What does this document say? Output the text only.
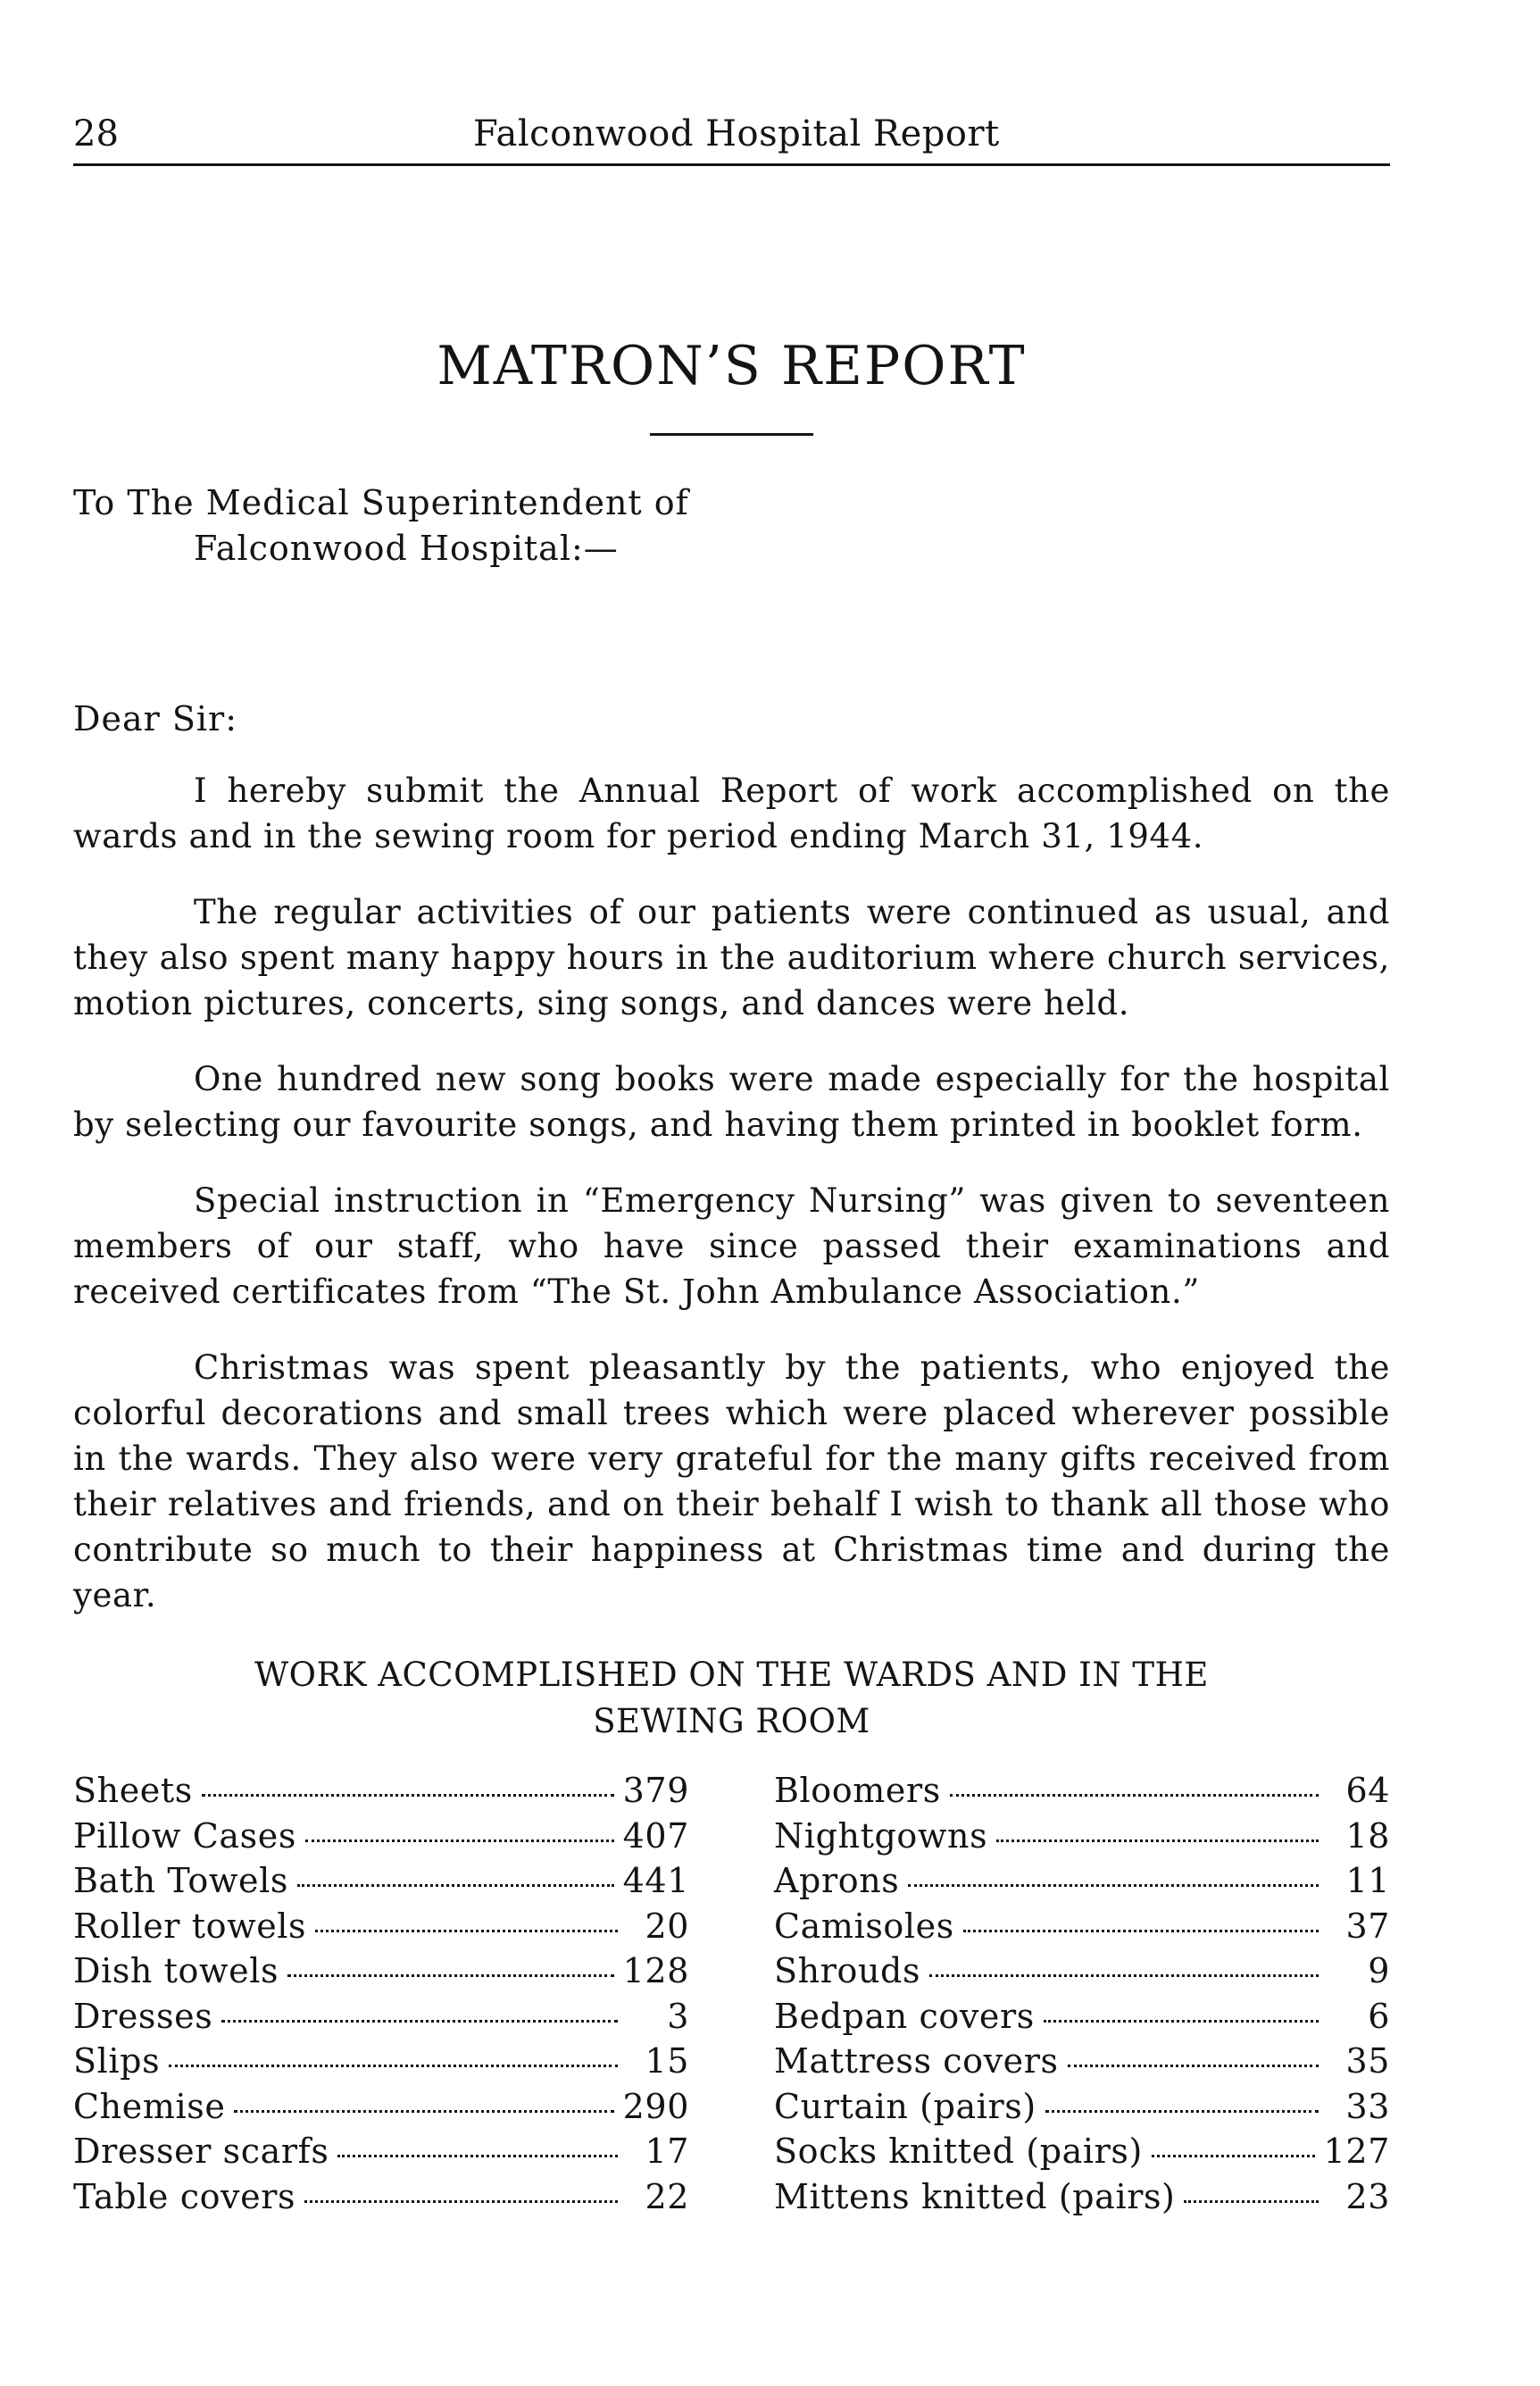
28	Falconwood Hospital Report
MATRON’S REPORT
To The Medical Superintendent of
Falconwood Hospital:—
Dear Sir:

I hereby submit the Annual Report of work accomplished on the wards and in the sewing room for period ending March 31, 1944.

The regular activities of our patients were continued as usual, and they also spent many happy hours in the auditorium where church services, motion pictures, concerts, sing songs, and dances were held.

One hundred new song books were made especially for the hospital by selecting our favourite songs, and having them printed in booklet form.

Special instruction in “Emergency Nursing” was given to seventeen members of our staff, who have since passed their examinations and received certificates from “The St. John Ambulance Association.”

Christmas was spent pleasantly by the patients, who enjoyed the colorful decorations and small trees which were placed wherever possible in the wards. They also were very grateful for the many gifts received from their relatives and friends, and on their behalf I wish to thank all those who contribute so much to their happiness at Christmas time and during the year.

WORK ACCOMPLISHED ON THE WARDS AND IN THE
SEWING ROOM
Sheets	379
Pillow Cases	407
Bath Towels	441
Roller towels	20
Dish towels	128
Dresses	3
Slips	15
Chemise	290
Dresser scarfs	17
Table covers	22
Bloomers	64
Nightgowns	18
Aprons	11
Camisoles	37
Shrouds	9
Bedpan covers	6
Mattress covers	35
Curtain (pairs)	33
Socks knitted (pairs)	127
Mittens knitted (pairs)	23
